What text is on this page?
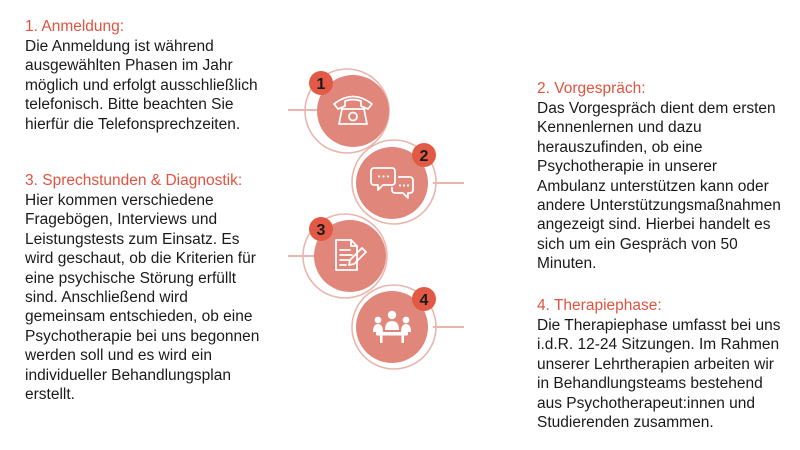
1
2
3
4
1. Anmeldung:
Die Anmeldung ist während
ausgewählten Phasen im Jahr
möglich und erfolgt ausschließlich
telefonisch. Bitte beachten Sie
hierfür die Telefonsprechzeiten.
3. Sprechstunden & Diagnostik:
Hier kommen verschiedene
Fragebögen, Interviews und
Leistungstests zum Einsatz. Es
wird geschaut, ob die Kriterien für
eine psychische Störung erfüllt
sind. Anschließend wird
gemeinsam entschieden, ob eine
Psychotherapie bei uns begonnen
werden soll und es wird ein
individueller Behandlungsplan
erstellt.
2. Vorgespräch:
Das Vorgespräch dient dem ersten
Kennenlernen und dazu
herauszufinden, ob eine
Psychotherapie in unserer
Ambulanz unterstützen kann oder
andere Unterstützungsmaßnahmen
angezeigt sind. Hierbei handelt es
sich um ein Gespräch von 50
Minuten.
4. Therapiephase:
Die Therapiephase umfasst bei uns
i.d.R. 12-24 Sitzungen. Im Rahmen
unserer Lehrtherapien arbeiten wir
in Behandlungsteams bestehend
aus Psychotherapeut:innen und
Studierenden zusammen.
